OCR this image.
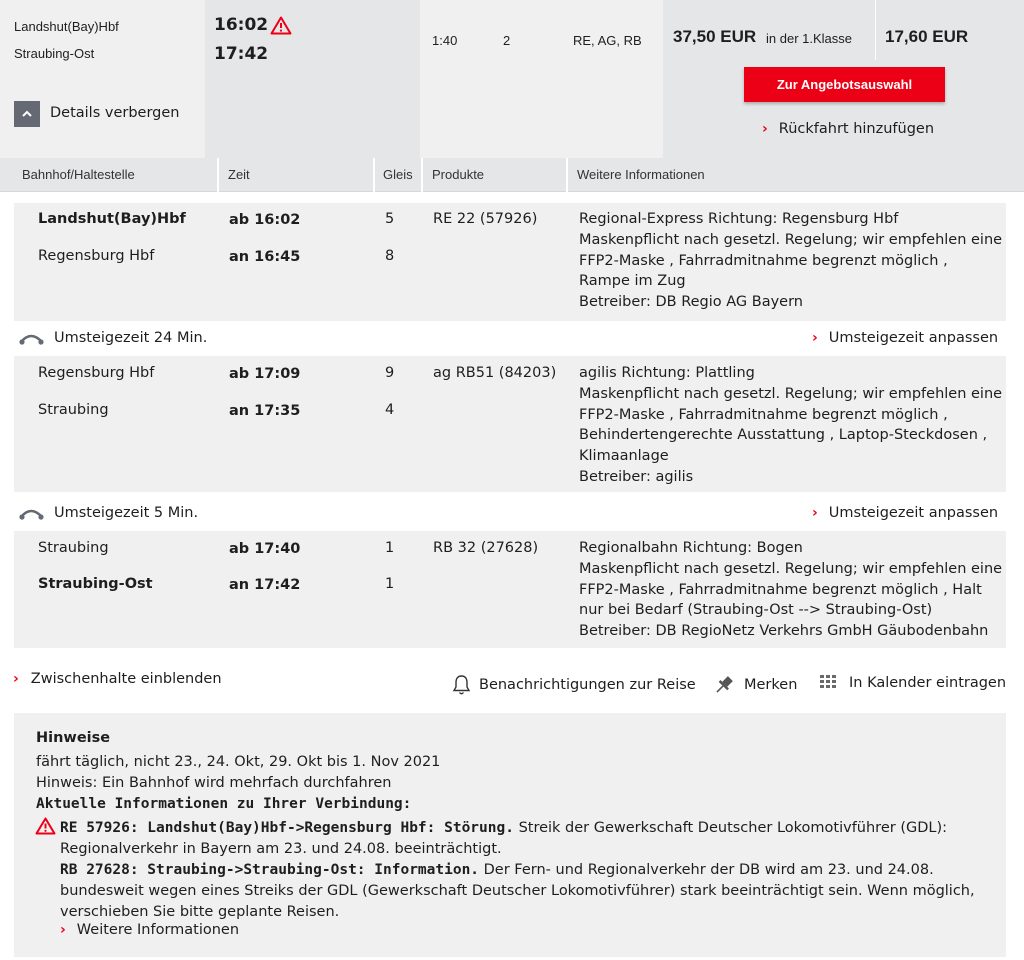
Landshut(Bay)Hbf
Straubing-Ost
Details verbergen
16:02
17:42
1:40	2	RE, AG, RB 37,50 EUR in der 1.Klasse 17,60 EUR
Zur Angebotsauswahl
› Rückfahrt hinzufügen
Bahnhof/Haltestelle	Zeit	Gleis Produkte	Weitere Informationen
Landshut(Bay)Hbf	ab 16:02	5	RE 22 (57926)
Regensburg Hbf	an 16:45	8
Regional-Express Richtung: Regensburg Hbf
Maskenpflicht nach gesetzl. Regelung; wir empfehlen eine
FFP2-Maske , Fahrradmitnahme begrenzt möglich ,
Rampe im Zug
Betreiber: DB Regio AG Bayern
Umsteigezeit 24 Min.	› Umsteigezeit anpassen
Regensburg Hbf	ab 17:09	9	ag RB51 (84203)
Straubing	an 17:35	4
agilis Richtung: Plattling
Maskenpflicht nach gesetzl. Regelung; wir empfehlen eine
FFP2-Maske , Fahrradmitnahme begrenzt möglich ,
Behindertengerechte Ausstattung , Laptop-Steckdosen ,
Klimaanlage
Betreiber: agilis
Umsteigezeit 5 Min.	› Umsteigezeit anpassen
Straubing	ab 17:40	1	RB 32 (27628)
Straubing-Ost	an 17:42	1
Regionalbahn Richtung: Bogen
Maskenpflicht nach gesetzl. Regelung; wir empfehlen eine
FFP2-Maske , Fahrradmitnahme begrenzt möglich , Halt
nur bei Bedarf (Straubing-Ost --> Straubing-Ost)
Betreiber: DB RegioNetz Verkehrs GmbH Gäubodenbahn
› Zwischenhalte einblenden	Benachrichtigungen zur Reise	Merken	In Kalender eintragen
Hinweise
fährt täglich, nicht 23., 24. Okt, 29. Okt bis 1. Nov 2021
Hinweis: Ein Bahnhof wird mehrfach durchfahren
Aktuelle Informationen zu Ihrer Verbindung:
RE 57926: Landshut(Bay)Hbf->Regensburg Hbf: Störung. Streik der Gewerkschaft Deutscher Lokomotivführer (GDL):
Regionalverkehr in Bayern am 23. und 24.08. beeinträchtigt.
RB 27628: Straubing->Straubing-Ost: Information. Der Fern- und Regionalverkehr der DB wird am 23. und 24.08.
bundesweit wegen eines Streiks der GDL (Gewerkschaft Deutscher Lokomotivführer) stark beeinträchtigt sein. Wenn möglich,
verschieben Sie bitte geplante Reisen.
› Weitere Informationen
